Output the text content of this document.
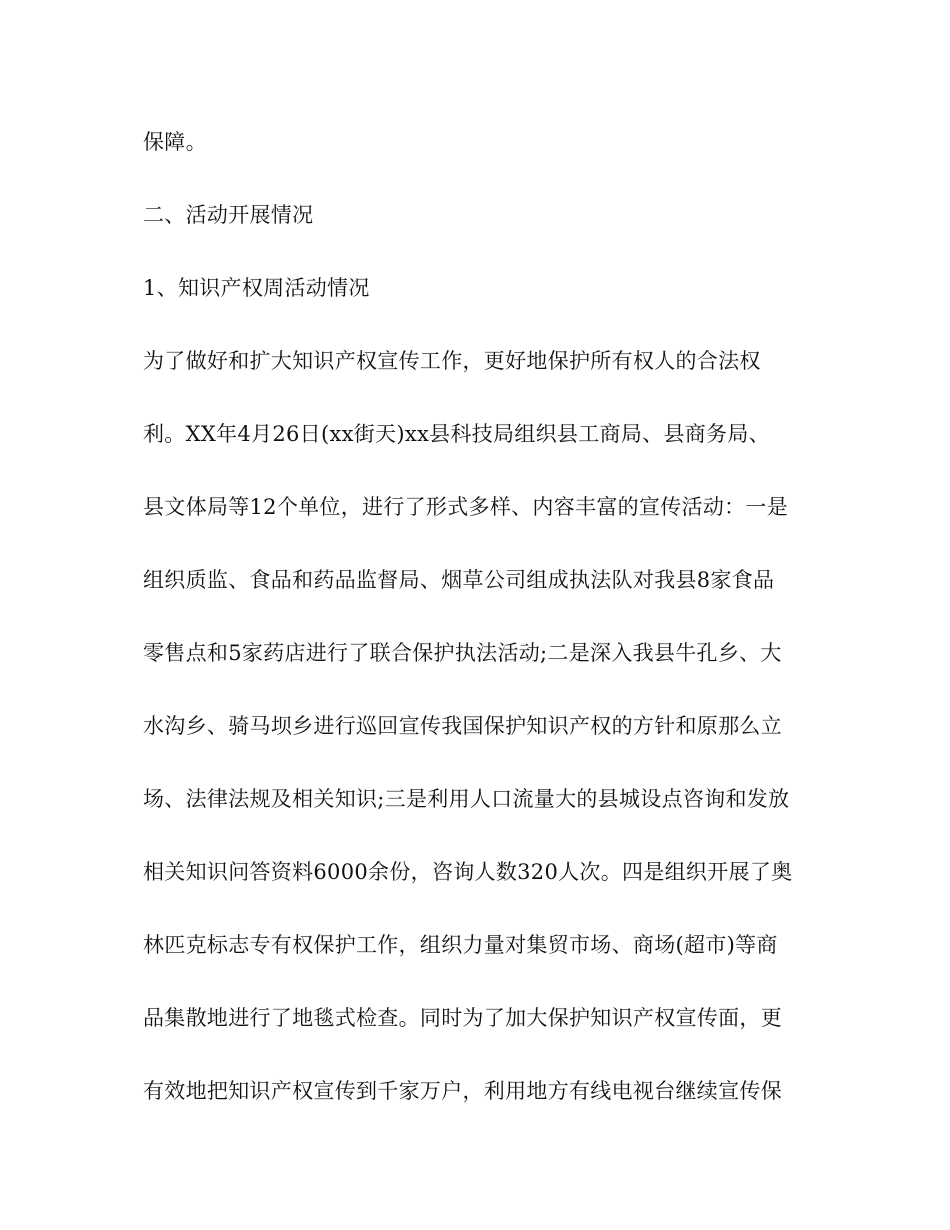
保障。

二、活动开展情况

1、知识产权周活动情况

为了做好和扩大知识产权宣传工作，更好地保护所有权人的合法权

利。XX年4月26日(xx街天)xx县科技局组织县工商局、县商务局、

县文体局等12个单位，进行了形式多样、内容丰富的宣传活动：一是

组织质监、食品和药品监督局、烟草公司组成执法队对我县8家食品

零售点和5家药店进行了联合保护执法活动;二是深入我县牛孔乡、大

水沟乡、骑马坝乡进行巡回宣传我国保护知识产权的方针和原那么立

场、法律法规及相关知识;三是利用人口流量大的县城设点咨询和发放

相关知识问答资料6000余份，咨询人数320人次。四是组织开展了奥

林匹克标志专有权保护工作，组织力量对集贸市场、商场(超市)等商

品集散地进行了地毯式检查。同时为了加大保护知识产权宣传面，更

有效地把知识产权宣传到千家万户，利用地方有线电视台继续宣传保
